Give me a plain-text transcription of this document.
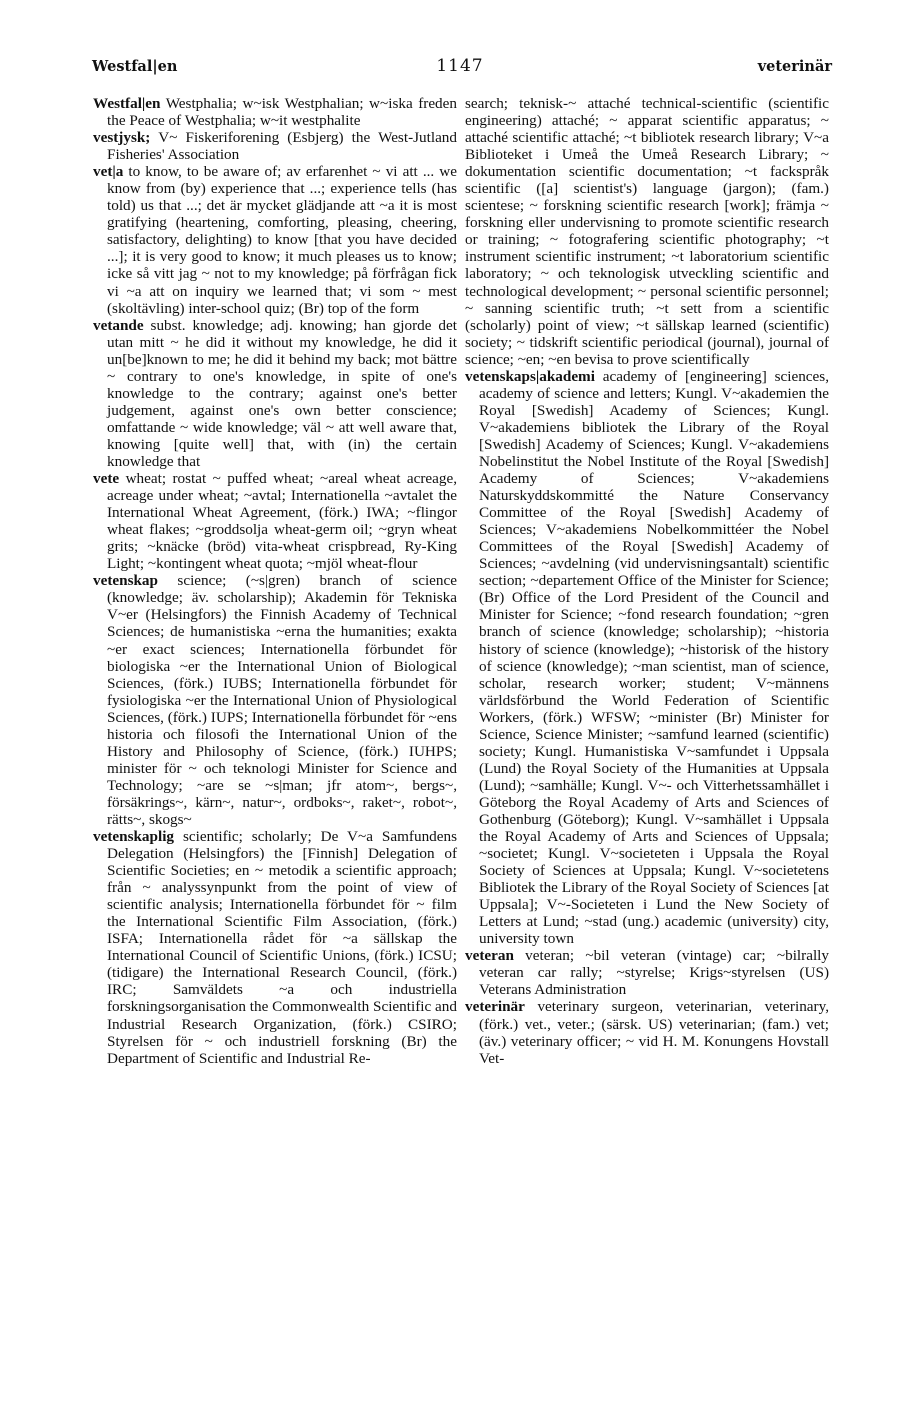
Westfal|en	1147	veterinär

Westfal|en Westphalia; w~isk Westphalian; w~iska freden the Peace of Westphalia; w~it westphalite

vestjysk; V~ Fiskeriforening (Esbjerg) the West-Jutland Fisheries' Association

vet|a to know, to be aware of; av erfarenhet ~ vi att ... we know from (by) experience that ...; experience tells (has told) us that ...; det är mycket glädjande att ~a it is most gratifying (heartening, comforting, pleasing, cheering, satisfactory, delighting) to know [that you have decided ...]; it is very good to know; it much pleases us to know; icke så vitt jag ~ not to my knowledge; på förfrågan fick vi ~a att on inquiry we learned that; vi som ~ mest (skoltävling) inter-school quiz; (Br) top of the form

vetande subst. knowledge; adj. knowing; han gjorde det utan mitt ~ he did it without my knowledge, he did it un[be]known to me; he did it behind my back; mot bättre ~ contrary to one's knowledge, in spite of one's knowledge to the contrary; against one's better judgement, against one's own better conscience; omfattande ~ wide knowledge; väl ~ att well aware that, knowing [quite well] that, with (in) the certain knowledge that

vete wheat; rostat ~ puffed wheat; ~areal wheat acreage, acreage under wheat; ~avtal; Internationella ~avtalet the International Wheat Agreement, (förk.) IWA; ~flingor wheat flakes; ~groddsolja wheat-germ oil; ~gryn wheat grits; ~knäcke (bröd) vita-wheat crispbread, Ry-King Light; ~kontingent wheat quota; ~mjöl wheat-flour

vetenskap science; (~s|gren) branch of science (knowledge; äv. scholarship); Akademin för Tekniska V~er (Helsingfors) the Finnish Academy of Technical Sciences; de humanistiska ~erna the humanities; exakta ~er exact sciences; Internationella förbundet för biologiska ~er the International Union of Biological Sciences, (förk.) IUBS; Internationella förbundet för fysiologiska ~er the International Union of Physiological Sciences, (förk.) IUPS; Internationella förbundet för ~ens historia och filosofi the International Union of the History and Philosophy of Science, (förk.) IUHPS; minister för ~ och teknologi Minister for Science and Technology; ~are se ~s|man; jfr atom~, bergs~, försäkrings~, kärn~, natur~, ordboks~, raket~, robot~, rätts~, skogs~

vetenskaplig scientific; scholarly; De V~a Samfundens Delegation (Helsingfors) the [Finnish] Delegation of Scientific Societies; en ~ metodik a scientific approach; från ~ analyssynpunkt from the point of view of scientific analysis; Internationella förbundet för ~ film the International Scientific Film Association, (förk.) ISFA; Internationella rådet för ~a sällskap the International Council of Scientific Unions, (förk.) ICSU; (tidigare) the International Research Council, (förk.) IRC; Samväldets ~a och industriella forskningsorganisation the Commonwealth Scientific and Industrial Research Organization, (förk.) CSIRO; Styrelsen för ~ och industriell forskning (Br) the Department of Scientific and Industrial Re-

search; teknisk-~ attaché technical-scientific (scientific engineering) attaché; ~ apparat scientific apparatus; ~ attaché scientific attaché; ~t bibliotek research library; V~a Biblioteket i Umeå the Umeå Research Library; ~ dokumentation scientific documentation; ~t fackspråk scientific ([a] scientist's) language (jargon); (fam.) scientese; ~ forskning scientific research [work]; främja ~ forskning eller undervisning to promote scientific research or training; ~ fotografering scientific photography; ~t instrument scientific instrument; ~t laboratorium scientific laboratory; ~ och teknologisk utveckling scientific and technological development; ~ personal scientific personnel; ~ sanning scientific truth; ~t sett from a scientific (scholarly) point of view; ~t sällskap learned (scientific) society; ~ tidskrift scientific periodical (journal), journal of science; ~en; ~en bevisa to prove scientifically

vetenskaps|akademi academy of [engineering] sciences, academy of science and letters; Kungl. V~akademien the Royal [Swedish] Academy of Sciences; Kungl. V~akademiens bibliotek the Library of the Royal [Swedish] Academy of Sciences; Kungl. V~akademiens Nobelinstitut the Nobel Institute of the Royal [Swedish] Academy of Sciences; V~akademiens Naturskyddskommitté the Nature Conservancy Committee of the Royal [Swedish] Academy of Sciences; V~akademiens Nobelkommittéer the Nobel Committees of the Royal [Swedish] Academy of Sciences; ~avdelning (vid undervisningsantalt) scientific section; ~departement Office of the Minister for Science; (Br) Office of the Lord President of the Council and Minister for Science; ~fond research foundation; ~gren branch of science (knowledge; scholarship); ~historia history of science (knowledge); ~historisk of the history of science (knowledge); ~man scientist, man of science, scholar, research worker; student; V~männens världsförbund the World Federation of Scientific Workers, (förk.) WFSW; ~minister (Br) Minister for Science, Science Minister; ~samfund learned (scientific) society; Kungl. Humanistiska V~samfundet i Uppsala (Lund) the Royal Society of the Humanities at Uppsala (Lund); ~samhälle; Kungl. V~- och Vitterhetssamhället i Göteborg the Royal Academy of Arts and Sciences of Gothenburg (Göteborg); Kungl. V~samhället i Uppsala the Royal Academy of Arts and Sciences of Uppsala; ~societet; Kungl. V~societeten i Uppsala the Royal Society of Sciences at Uppsala; Kungl. V~societetens Bibliotek the Library of the Royal Society of Sciences [at Uppsala]; V~-Societeten i Lund the New Society of Letters at Lund; ~stad (ung.) academic (university) city, university town

veteran veteran; ~bil veteran (vintage) car; ~bilrally veteran car rally; ~styrelse; Krigs~styrelsen (US) Veterans Administration

veterinär veterinary surgeon, veterinarian, veterinary, (förk.) vet., veter.; (särsk. US) veterinarian; (fam.) vet; (äv.) veterinary officer; ~ vid H. M. Konungens Hovstall Vet-
